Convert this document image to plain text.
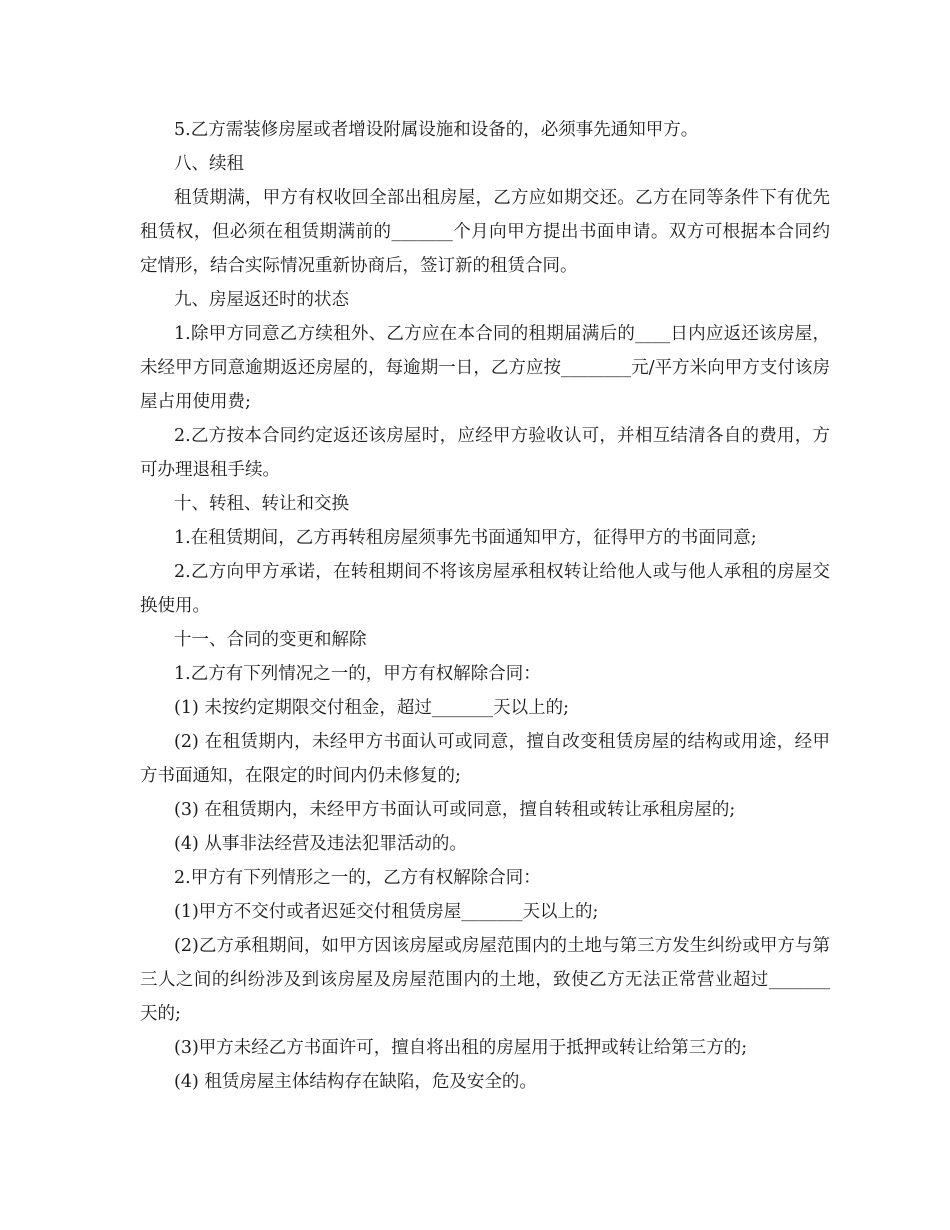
5.乙方需装修房屋或者增设附属设施和设备的，必须事先通知甲方。

八、续租

租赁期满，甲方有权收回全部出租房屋，乙方应如期交还。乙方在同等条件下有优先租赁权，但必须在租赁期满前的_______个月向甲方提出书面申请。双方可根据本合同约定情形，结合实际情况重新协商后，签订新的租赁合同。

九、房屋返还时的状态

1.除甲方同意乙方续租外、乙方应在本合同的租期届满后的____日内应返还该房屋，未经甲方同意逾期返还房屋的，每逾期一日，乙方应按________元/平方米向甲方支付该房屋占用使用费;

2.乙方按本合同约定返还该房屋时，应经甲方验收认可，并相互结清各自的费用，方可办理退租手续。

十、转租、转让和交换

1.在租赁期间，乙方再转租房屋须事先书面通知甲方，征得甲方的书面同意;

2.乙方向甲方承诺，在转租期间不将该房屋承租权转让给他人或与他人承租的房屋交换使用。

十一、合同的变更和解除

1.乙方有下列情况之一的，甲方有权解除合同：

(1) 未按约定期限交付租金，超过_______天以上的;

(2) 在租赁期内，未经甲方书面认可或同意，擅自改变租赁房屋的结构或用途，经甲方书面通知，在限定的时间内仍未修复的;

(3) 在租赁期内，未经甲方书面认可或同意，擅自转租或转让承租房屋的;

(4) 从事非法经营及违法犯罪活动的。

2.甲方有下列情形之一的，乙方有权解除合同：

(1)甲方不交付或者迟延交付租赁房屋_______天以上的;

(2)乙方承租期间，如甲方因该房屋或房屋范围内的土地与第三方发生纠纷或甲方与第三人之间的纠纷涉及到该房屋及房屋范围内的土地，致使乙方无法正常营业超过_______天的;

(3)甲方未经乙方书面许可，擅自将出租的房屋用于抵押或转让给第三方的;

(4) 租赁房屋主体结构存在缺陷，危及安全的。
